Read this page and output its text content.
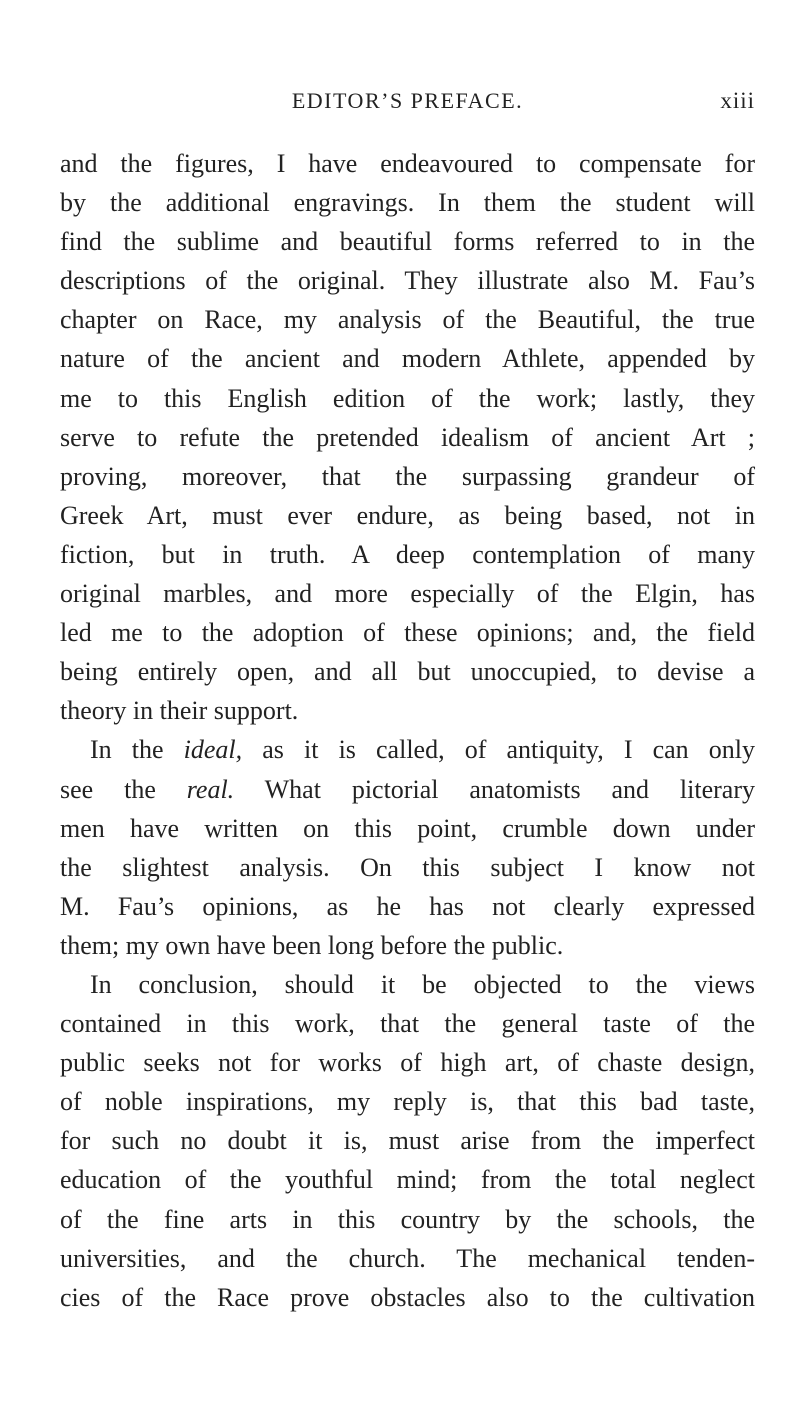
EDITOR’S PREFACE.	xiii
and the figures, I have endeavoured to compensate for
by the additional engravings. In them the student will
find the sublime and beautiful forms referred to in the
descriptions of the original. They illustrate also M. Fau’s
chapter on Race, my analysis of the Beautiful, the true
nature of the ancient and modern Athlete, appended by
me to this English edition of the work; lastly, they
serve to refute the pretended idealism of ancient Art ;
proving, moreover, that the surpassing grandeur of
Greek Art, must ever endure, as being based, not in
fiction, but in truth. A deep contemplation of many
original marbles, and more especially of the Elgin, has
led me to the adoption of these opinions; and, the field
being entirely open, and all but unoccupied, to devise a
theory in their support.
In the ideal, as it is called, of antiquity, I can only
see the real. What pictorial anatomists and literary
men have written on this point, crumble down under
the slightest analysis. On this subject I know not
M. Fau’s opinions, as he has not clearly expressed
them; my own have been long before the public.
In conclusion, should it be objected to the views
contained in this work, that the general taste of the
public seeks not for works of high art, of chaste design,
of noble inspirations, my reply is, that this bad taste,
for such no doubt it is, must arise from the imperfect
education of the youthful mind; from the total neglect
of the fine arts in this country by the schools, the
universities, and the church. The mechanical tenden-
cies of the Race prove obstacles also to the cultivation
